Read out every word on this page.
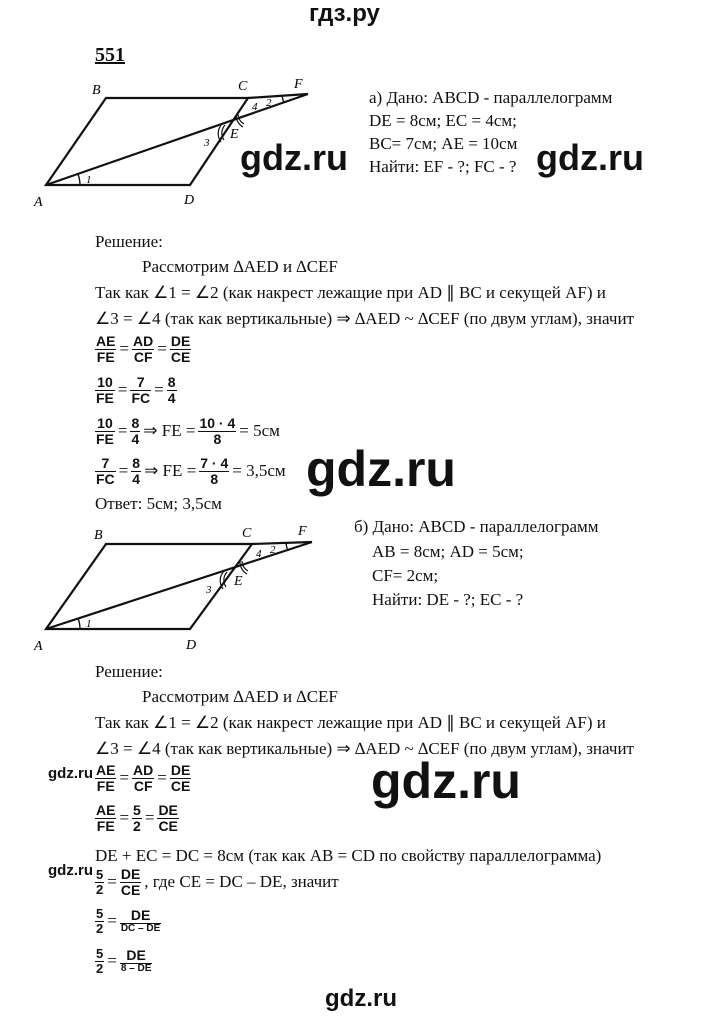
гдз.ру
551
A
B	C
D
E
F
1
2
3
4	а) Дано: ABCD - параллелограмм
DE = 8см; EC = 4см;
BC= 7см; AE = 10см
Найти: EF - ?; FC - ?
gdz.ru	gdz.ru
Решение:
Рассмотрим ∆AED и ∆CEF
Так как ∠1 = ∠2 (как накрест лежащие при AD ∥ BC и секущей AF) и
∠3 = ∠4 (так как вертикальные) ⇒ ∆AED ~ ∆CEF (по двум углам), значит
$\frac{AE}{FE} = \frac{AD}{CF} = \frac{DE}{CE}$
$\frac{10}{FE} = \frac{7}{FC} = \frac{8}{4}$
$\frac{10}{FE} = \frac{8}{4}$ ⇒ FE = $\frac{10 \cdot 4}{8} = 5см$
$\frac{7}{FC} = \frac{8}{4}$ ⇒ FE = $\frac{7 \cdot 4}{8} = 3,5см$ gdz.ru
Ответ: 5см; 3,5см
A
B	C
D
E
F
1
2
3
4
б) Дано: ABCD - параллелограмм
AB = 8см; AD = 5см;
CF= 2см;
Найти: DE - ?; EC - ?
Решение:
Рассмотрим ∆AED и ∆CEF
Так как ∠1 = ∠2 (как накрест лежащие при AD ∥ BC и секущей AF) и
∠3 = ∠4 (так как вертикальные) ⇒ ∆AED ~ ∆CEF (по двум углам), значит
$gdz.ru \frac{AE}{FE} = \frac{AD}{CF} = \frac{DE}{CE}$	gdz.ru
$\frac{AE}{FE} = \frac{5}{2} = \frac{DE}{CE}$
DE + EC = DC = 8см (так как AB = CD по свойству параллелограмма)
$gdz.ru \frac{5}{2} = \frac{DE}{CE}$ , где CE = DC – DE, значит
$\frac{5}{2} = \frac{DE}{DC - DE}$
$\frac{5}{2} = \frac{DE}{8 - DE}$
gdz.ru
